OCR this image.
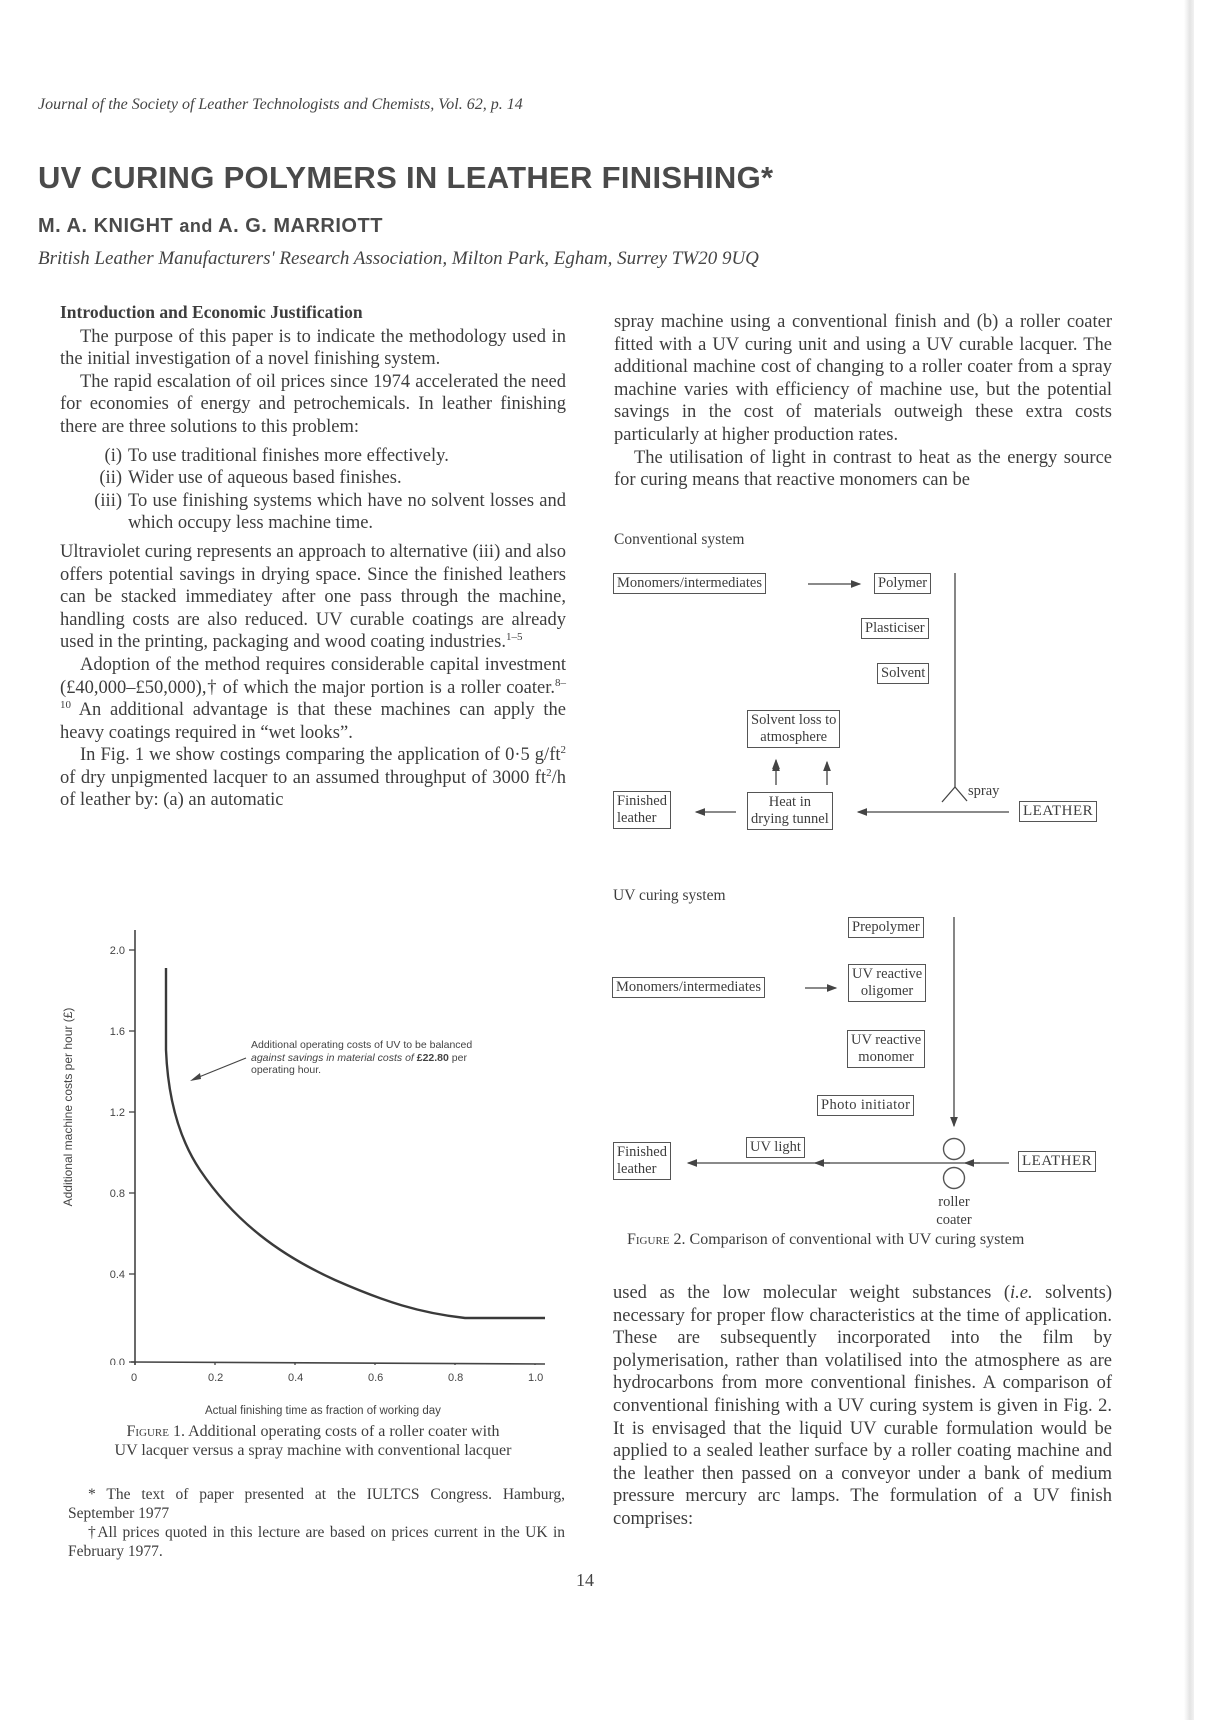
Journal of the Society of Leather Technologists and Chemists, Vol. 62, p. 14
UV CURING POLYMERS IN LEATHER FINISHING*
M. A. KNIGHT and A. G. MARRIOTT
British Leather Manufacturers' Research Association, Milton Park, Egham, Surrey TW20 9UQ
Introduction and Economic Justification

The purpose of this paper is to indicate the methodology used in the initial investigation of a novel finishing system.

The rapid escalation of oil prices since 1974 accelerated the need for economies of energy and petrochemicals. In leather finishing there are three solutions to this problem:

(i) To use traditional finishes more effectively.
(ii) Wider use of aqueous based finishes.
(iii) To use finishing systems which have no solvent losses and which occupy less machine time.

Ultraviolet curing represents an approach to alternative (iii) and also offers potential savings in drying space. Since the finished leathers can be stacked immediatey after one pass through the machine, handling costs are also reduced. UV curable coatings are already used in the printing, packaging and wood coating industries.$^{1-5}$

Adoption of the method requires considerable capital investment (£40,000–£50,000),† of which the major portion is a roller coater.$^{8-10}$ An additional advantage is that these machines can apply the heavy coatings required in “wet looks”.

In Fig. 1 we show costings comparing the application of 0·5 $g/ft^2$ of dry unpigmented lacquer to an assumed throughput of 3000 $ft^2/h$ of leather by: (a) an automatic

2.0
1.6
1.2
0.8
0.4
0.0
0	0.2	0.4	0.6	0.8	1.0
Actual finishing time as fraction of working day
Additional machine costs per hour (£)	Additional operating costs of UV to be balanced
against savings in material costs of £22.80 per
operating hour.
Figure 1. Additional operating costs of a roller coater with
UV lacquer versus a spray machine with conventional lacquer
* The text of paper presented at the IULTCS Congress. Hamburg, September 1977
†All prices quoted in this lecture are based on prices current in the UK in February 1977.

spray machine using a conventional finish and (b) a roller coater fitted with a UV curing unit and using a UV curable lacquer. The additional machine cost of changing to a roller coater from a spray machine varies with efficiency of machine use, but the potential savings in the cost of materials outweigh these extra costs particularly at higher production rates.

The utilisation of light in contrast to heat as the energy source for curing means that reactive monomers can be

Conventional system
Monomers/intermediates	Polymer
Plasticiser
Solvent
Solvent loss to
atmosphere
Heat in
drying tunnel
Finished
leather
spray
LEATHER
UV curing system
Prepolymer
Monomers/intermediates
UV reactive
oligomer
UV reactive
monomer
Photo initiator
UV light
Finished
leather	LEATHER
roller
coater
Figure 2. Comparison of conventional with UV curing system

used as the low molecular weight substances (i.e. solvents) necessary for proper flow characteristics at the time of application. These are subsequently incorporated into the film by polymerisation, rather than volatilised into the atmosphere as are hydrocarbons from more conventional finishes. A comparison of conventional finishing with a UV curing system is given in Fig. 2. It is envisaged that the liquid UV curable formulation would be applied to a sealed leather surface by a roller coating machine and the leather then passed on a conveyor under a bank of medium pressure mercury arc lamps. The formulation of a UV finish comprises:

14
